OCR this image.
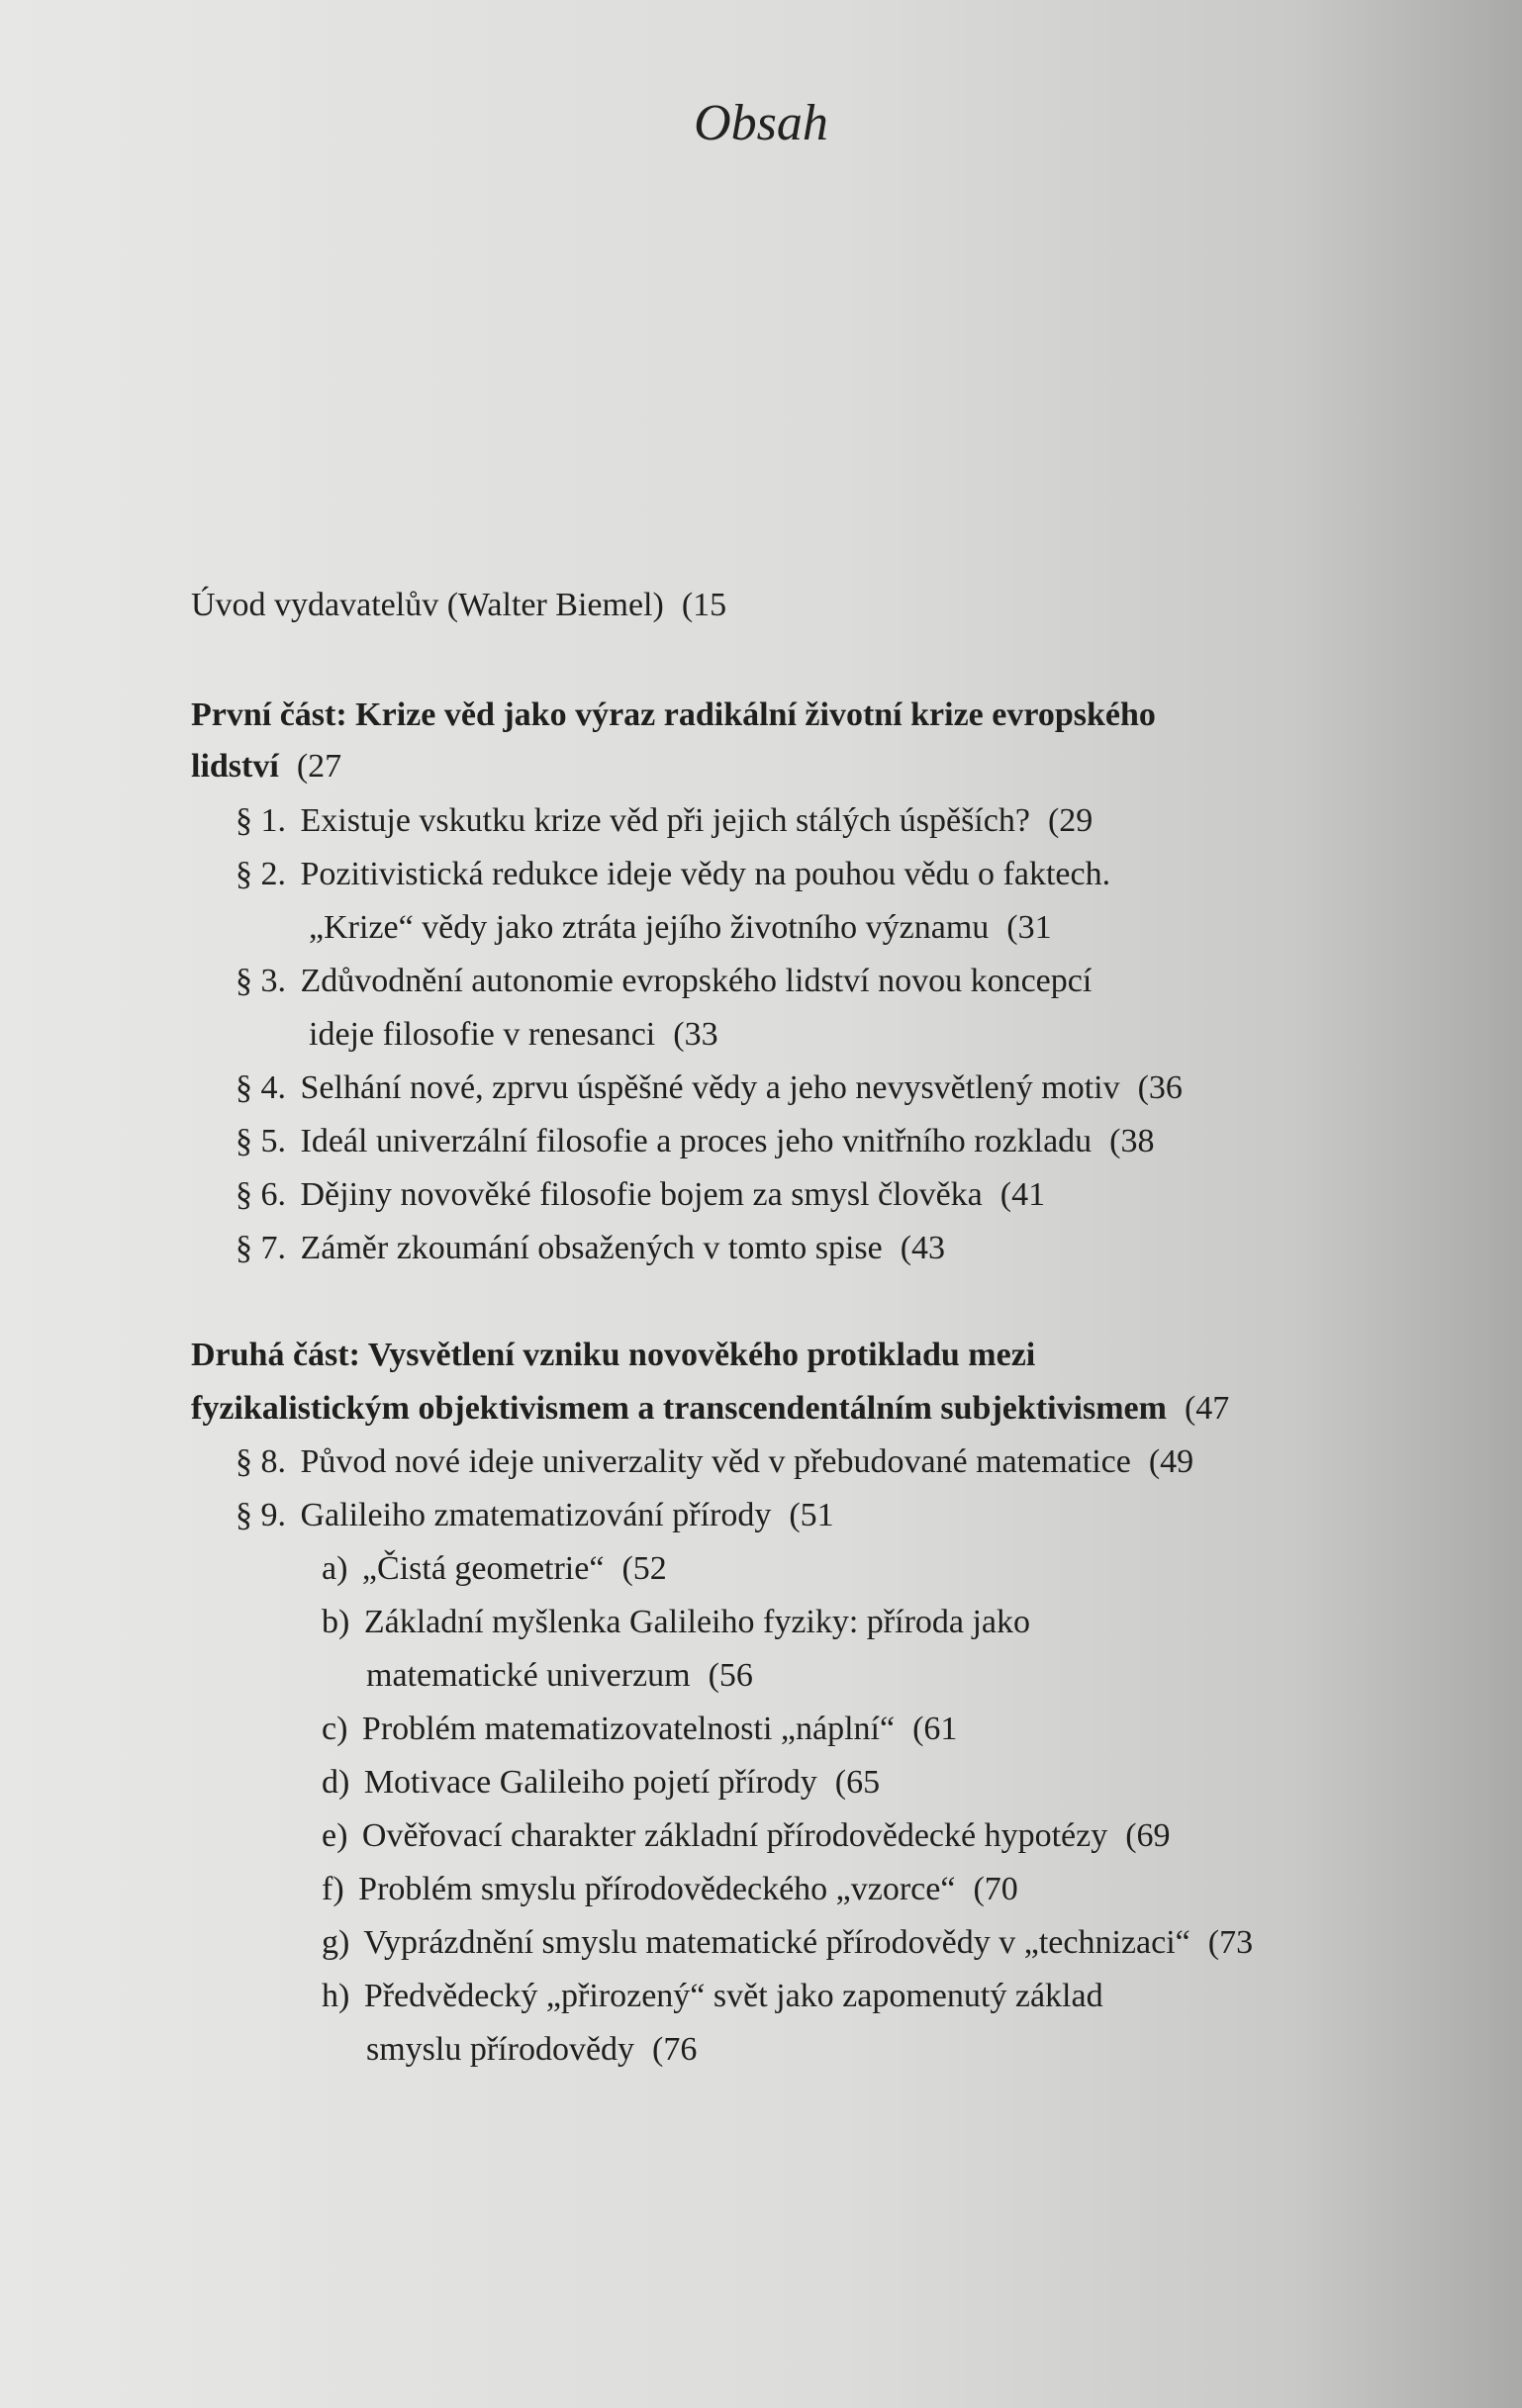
Obsah
Úvod vydavatelův (Walter Biemel) (15
První část: Krize věd jako výraz radikální životní krize evropského
lidství (27
§ 1. Existuje vskutku krize věd při jejich stálých úspěších? (29
§ 2. Pozitivistická redukce ideje vědy na pouhou vědu o faktech.
„Krize“ vědy jako ztráta jejího životního významu (31
§ 3. Zdůvodnění autonomie evropského lidství novou koncepcí
ideje filosofie v renesanci (33
§ 4. Selhání nové, zprvu úspěšné vědy a jeho nevysvětlený motiv (36
§ 5. Ideál univerzální filosofie a proces jeho vnitřního rozkladu (38
§ 6. Dějiny novověké filosofie bojem za smysl člověka (41
§ 7. Záměr zkoumání obsažených v tomto spise (43
Druhá část: Vysvětlení vzniku novověkého protikladu mezi
fyzikalistickým objektivismem a transcendentálním subjektivismem (47
§ 8. Původ nové ideje univerzality věd v přebudované matematice (49
§ 9. Galileiho zmatematizování přírody (51
a) „Čistá geometrie“ (52
b) Základní myšlenka Galileiho fyziky: příroda jako
matematické univerzum (56
c) Problém matematizovatelnosti „náplní“ (61
d) Motivace Galileiho pojetí přírody (65
e) Ověřovací charakter základní přírodovědecké hypotézy (69
f) Problém smyslu přírodovědeckého „vzorce“ (70
g) Vyprázdnění smyslu matematické přírodovědy v „technizaci“ (73
h) Předvědecký „přirozený“ svět jako zapomenutý základ
smyslu přírodovědy (76
